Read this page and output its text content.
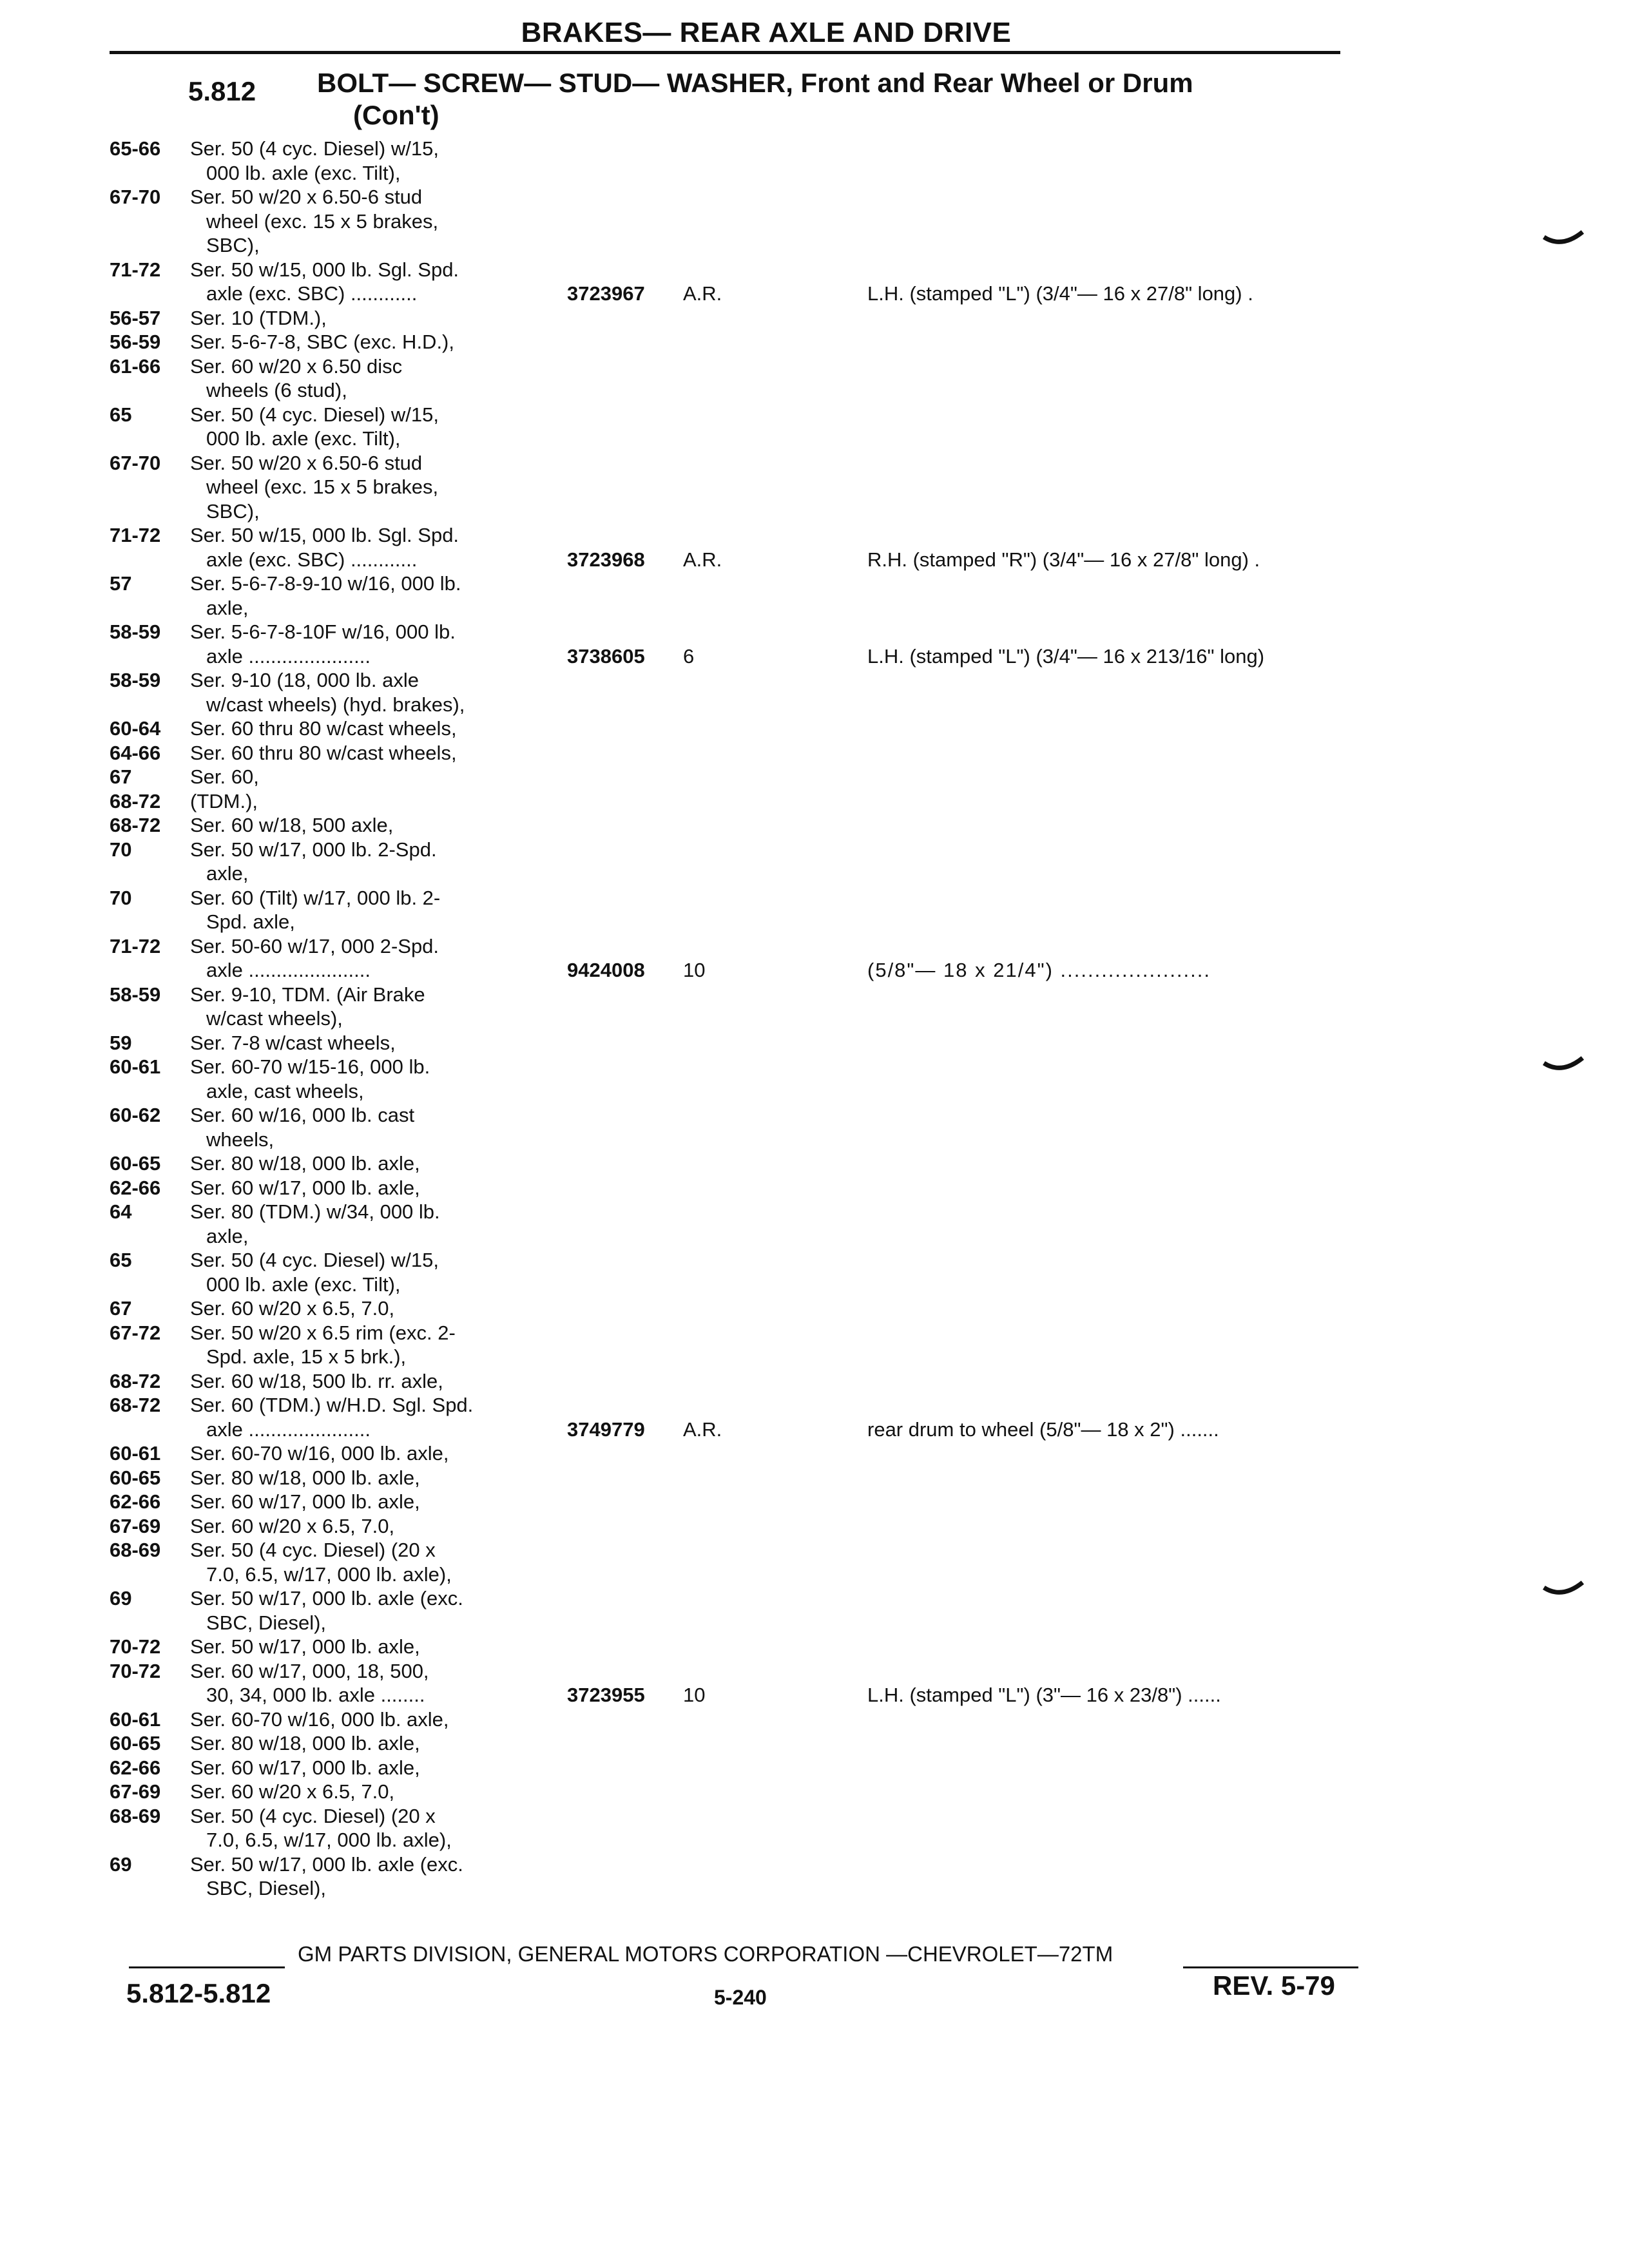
BRAKES— REAR AXLE AND DRIVE
5.812 BOLT— SCREW— STUD— WASHER, Front and Rear Wheel or Drum
(Con't)
65-66 Ser. 50 (4 cyc. Diesel) w/15,
000 lb. axle (exc. Tilt),
67-70 Ser. 50 w/20 x 6.50-6 stud
wheel (exc. 15 x 5 brakes,
SBC),
71-72 Ser. 50 w/15, 000 lb. Sgl. Spd.
axle (exc. SBC) ............	3723967 A.R.	L.H. (stamped "L") (3/4"— 16 x 27/8" long) .
56-57 Ser. 10 (TDM.),
56-59 Ser. 5-6-7-8, SBC (exc. H.D.),
61-66 Ser. 60 w/20 x 6.50 disc
wheels (6 stud),
65	Ser. 50 (4 cyc. Diesel) w/15,
000 lb. axle (exc. Tilt),
67-70 Ser. 50 w/20 x 6.50-6 stud
wheel (exc. 15 x 5 brakes,
SBC),
71-72 Ser. 50 w/15, 000 lb. Sgl. Spd.
axle (exc. SBC) ............	3723968 A.R.	R.H. (stamped "R") (3/4"— 16 x 27/8" long) .
57	Ser. 5-6-7-8-9-10 w/16, 000 lb.
axle,
58-59 Ser. 5-6-7-8-10F w/16, 000 lb.
axle ......................	3738605 6	L.H. (stamped "L") (3/4"— 16 x 213/16" long)
58-59 Ser. 9-10 (18, 000 lb. axle
w/cast wheels) (hyd. brakes),
60-64 Ser. 60 thru 80 w/cast wheels,
64-66 Ser. 60 thru 80 w/cast wheels,
67	Ser. 60,
68-72 (TDM.),
68-72 Ser. 60 w/18, 500 axle,
70	Ser. 50 w/17, 000 lb. 2-Spd.
axle,
70	Ser. 60 (Tilt) w/17, 000 lb. 2-
Spd. axle,
71-72 Ser. 50-60 w/17, 000 2-Spd.
axle ......................	9424008 10	(5/8"— 18 x 21/4") ......................
58-59 Ser. 9-10, TDM. (Air Brake
w/cast wheels),
59	Ser. 7-8 w/cast wheels,
60-61 Ser. 60-70 w/15-16, 000 lb.
axle, cast wheels,
60-62 Ser. 60 w/16, 000 lb. cast
wheels,
60-65 Ser. 80 w/18, 000 lb. axle,
62-66 Ser. 60 w/17, 000 lb. axle,
64	Ser. 80 (TDM.) w/34, 000 lb.
axle,
65	Ser. 50 (4 cyc. Diesel) w/15,
000 lb. axle (exc. Tilt),
67	Ser. 60 w/20 x 6.5, 7.0,
67-72 Ser. 50 w/20 x 6.5 rim (exc. 2-
Spd. axle, 15 x 5 brk.),
68-72 Ser. 60 w/18, 500 lb. rr. axle,
68-72 Ser. 60 (TDM.) w/H.D. Sgl. Spd.
axle ......................	3749779 A.R.	rear drum to wheel (5/8"— 18 x 2") .......
60-61 Ser. 60-70 w/16, 000 lb. axle,
60-65 Ser. 80 w/18, 000 lb. axle,
62-66 Ser. 60 w/17, 000 lb. axle,
67-69 Ser. 60 w/20 x 6.5, 7.0,
68-69 Ser. 50 (4 cyc. Diesel) (20 x
7.0, 6.5, w/17, 000 lb. axle),
69	Ser. 50 w/17, 000 lb. axle (exc.
SBC, Diesel),
70-72 Ser. 50 w/17, 000 lb. axle,
70-72 Ser. 60 w/17, 000, 18, 500,
30, 34, 000 lb. axle ........	3723955 10	L.H. (stamped "L") (3"— 16 x 23/8") ......
60-61 Ser. 60-70 w/16, 000 lb. axle,
60-65 Ser. 80 w/18, 000 lb. axle,
62-66 Ser. 60 w/17, 000 lb. axle,
67-69 Ser. 60 w/20 x 6.5, 7.0,
68-69 Ser. 50 (4 cyc. Diesel) (20 x
7.0, 6.5, w/17, 000 lb. axle),
69	Ser. 50 w/17, 000 lb. axle (exc.
SBC, Diesel),
GM PARTS DIVISION, GENERAL MOTORS CORPORATION —CHEVROLET—72TM
5.812-5.812	5-240	REV. 5-79
